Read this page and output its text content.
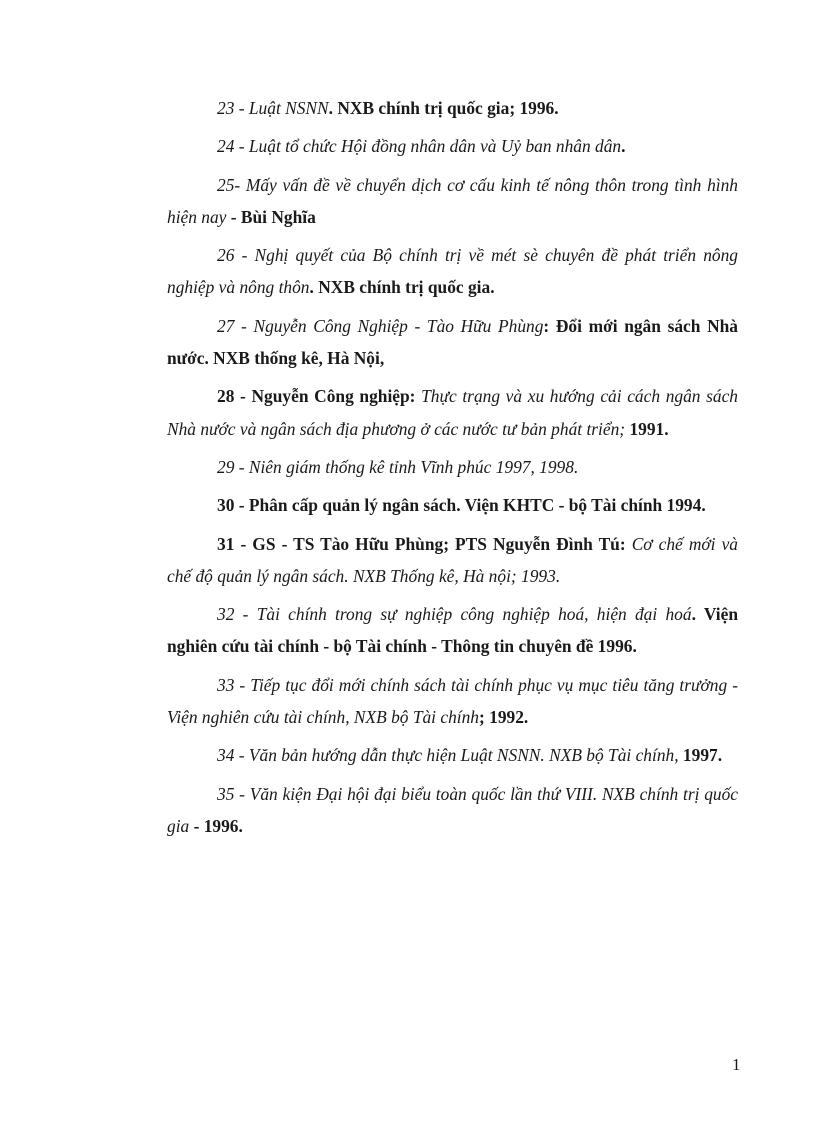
23 - Luật NSNN. NXB chính trị quốc gia; 1996.

24 - Luật tổ chức Hội đồng nhân dân và Uỷ ban nhân dân.

25- Mấy vấn đề về chuyển dịch cơ cấu kinh tế nông thôn trong tình hình hiện nay - Bùi Nghĩa

26 - Nghị quyết của Bộ chính trị về mét sè chuyên đề phát triển nông nghiệp và nông thôn. NXB chính trị quốc gia.

27 - Nguyễn Công Nghiệp - Tào Hữu Phùng: Đổi mới ngân sách Nhà nước. NXB thống kê, Hà Nội,

28 - Nguyễn Công nghiệp: Thực trạng và xu hướng cải cách ngân sách Nhà nước và ngân sách địa phương ở các nước tư bản phát triển; 1991.

29 - Niên giám thống kê tỉnh Vĩnh phúc 1997, 1998.

30 - Phân cấp quản lý ngân sách. Viện KHTC - bộ Tài chính 1994.

31 - GS - TS Tào Hữu Phùng; PTS Nguyễn Đình Tú: Cơ chế mới và chế độ quản lý ngân sách. NXB Thống kê, Hà nội; 1993.

32 - Tài chính trong sự nghiệp công nghiệp hoá, hiện đại hoá. Viện nghiên cứu tài chính - bộ Tài chính - Thông tin chuyên đề 1996.

33 - Tiếp tục đổi mới chính sách tài chính phục vụ mục tiêu tăng trưởng - Viện nghiên cứu tài chính, NXB bộ Tài chính; 1992.

34 - Văn bản hướng dẫn thực hiện Luật NSNN. NXB bộ Tài chính, 1997.

35 - Văn kiện Đại hội đại biểu toàn quốc lần thứ VIII. NXB chính trị quốc gia - 1996.

1
